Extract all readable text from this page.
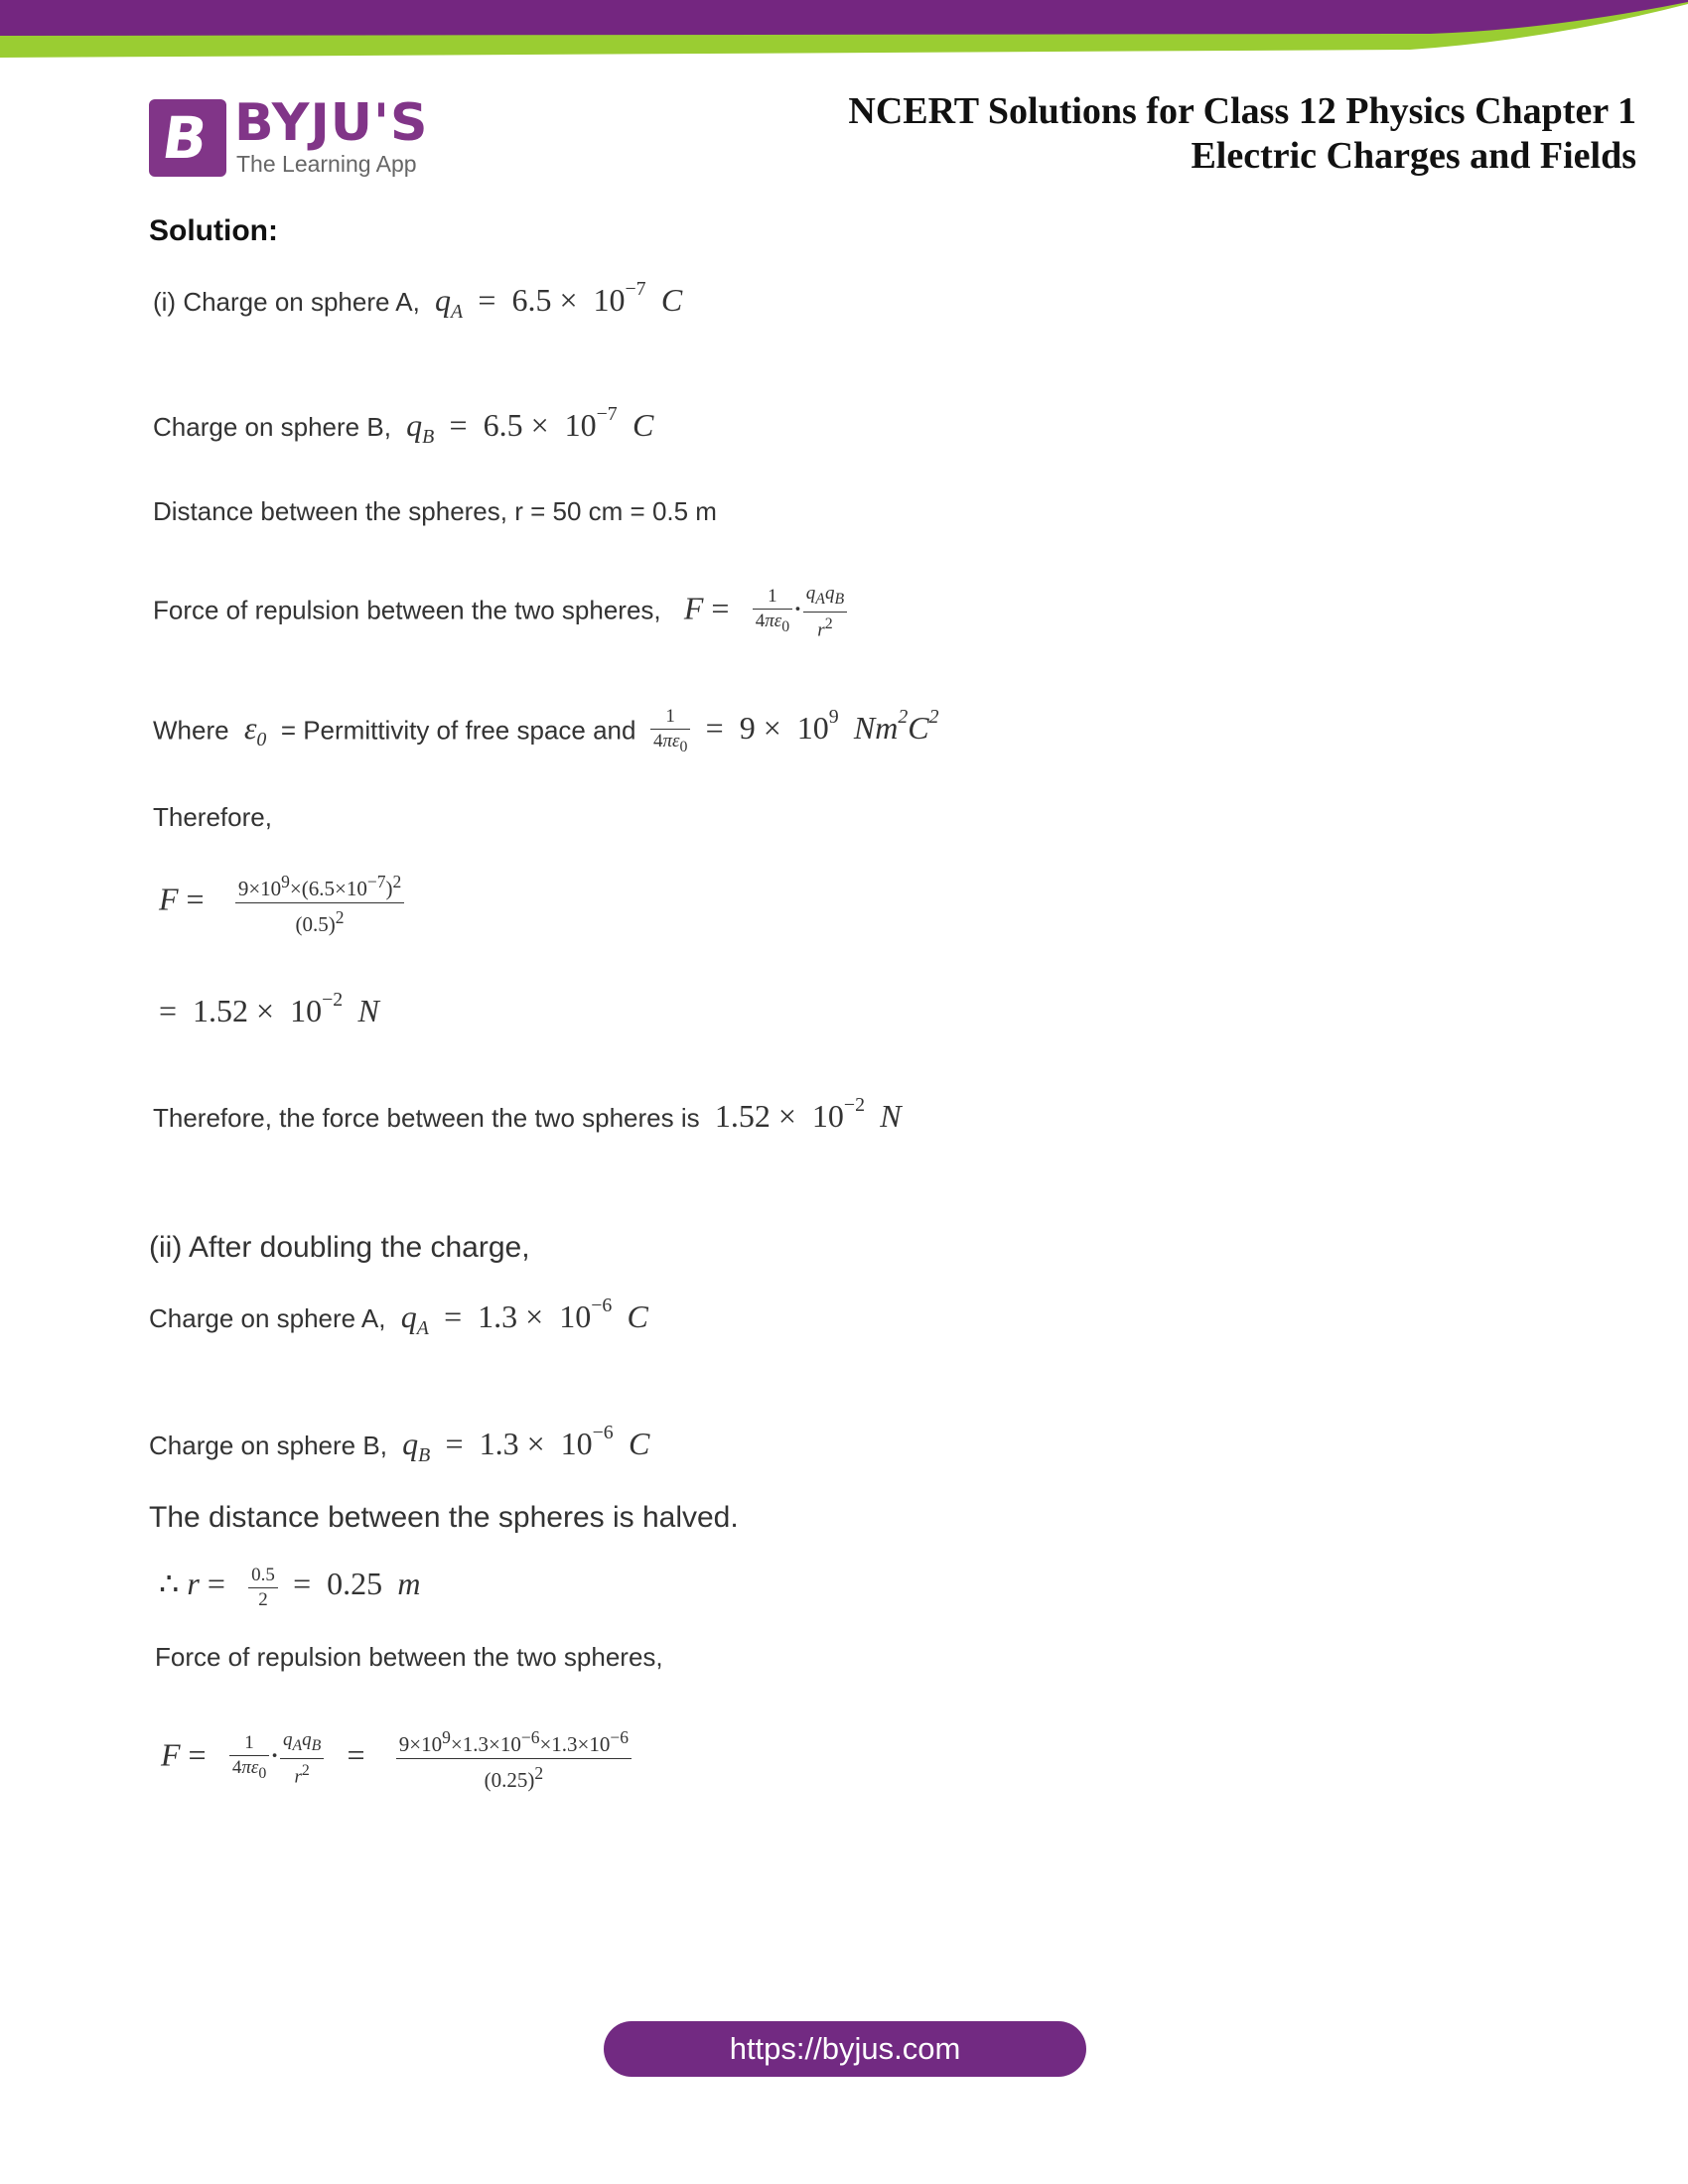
B BYJU'S
The Learning App
NCERT Solutions for Class 12 Physics Chapter 1
Electric Charges and Fields
Solution:
(i) Charge on sphere A,  $q_A = 6.5 \times 10^{-7}$  C
Charge on sphere B,  $q_B = 6.5 \times 10^{-7}$  C
Distance between the spheres, r = 50 cm = 0.5 m
Force of repulsion between the two spheres,   $F = \frac{1}{4\pi\varepsilon_0} \cdot \frac{q_Aq_B}{r^2}$
Where  $\varepsilon_0$ = Permittivity of free space and $\frac{1}{4\pi\varepsilon_0} = 9 \times 10^9$  $Nm^2C^2$
Therefore,
$F = \frac{9\times 10^9\times(6.5\times 10^{-7})^2}{(0.5)^2}$
=  $1.52 \times 10^{-2}$  N
Therefore, the force between the two spheres is $1.52 \times 10^{-2}$  N
(ii) After doubling the charge,
Charge on sphere A,  $q_A = 1.3 \times 10^{-6}$  C
Charge on sphere B,  $q_B = 1.3 \times 10^{-6}$  C
The distance between the spheres is halved.
∴ $r = \frac{0.5}{2} = 0.25$  m
Force of repulsion between the two spheres,
$F = \frac{1}{4\pi\varepsilon_0} \cdot \frac{q_Aq_B}{r^2} = \frac{9\times 10^9\times 1.3\times 10^{-6}\times 1.3\times 10^{-6}}{(0.25)^2}$
https://byjus.com
